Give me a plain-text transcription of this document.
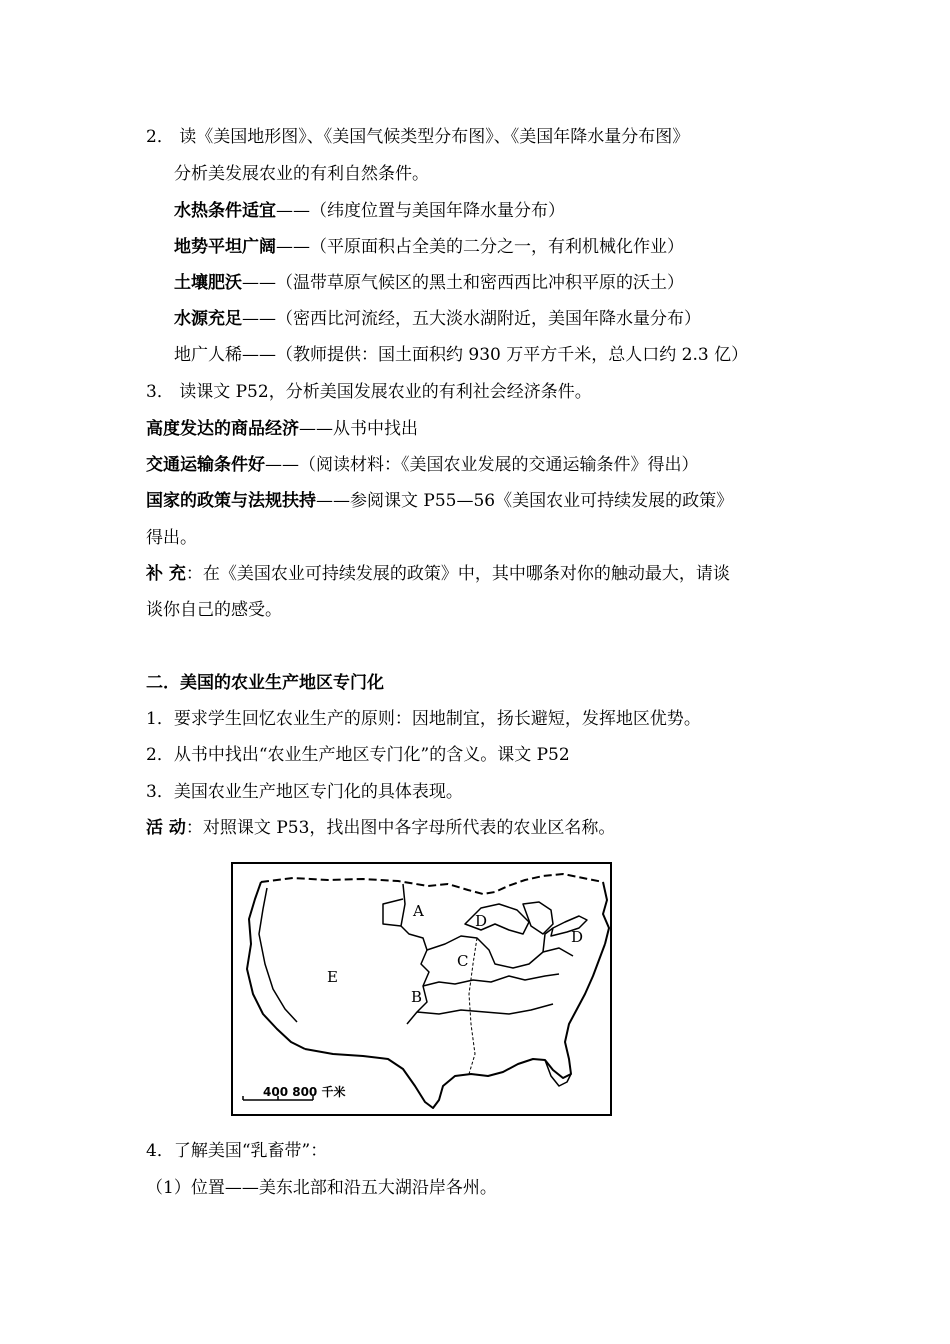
2． 读《美国地形图》、《美国气候类型分布图》、《美国年降水量分布图》
分析美发展农业的有利自然条件。
水热条件适宜——（纬度位置与美国年降水量分布）
地势平坦广阔——（平原面积占全美的二分之一，有利机械化作业）
土壤肥沃——（温带草原气候区的黑土和密西西比冲积平原的沃土）
水源充足——（密西比河流经，五大淡水湖附近，美国年降水量分布）
地广人稀——（教师提供：国土面积约 930 万平方千米，总人口约 2.3 亿）
3． 读课文 P52，分析美国发展农业的有利社会经济条件。
高度发达的商品经济——从书中找出
交通运输条件好——（阅读材料：《美国农业发展的交通运输条件》得出）
国家的政策与法规扶持——参阅课文 P55—56《美国农业可持续发展的政策》
得出。
补 充：在《美国农业可持续发展的政策》中，其中哪条对你的触动最大，请谈
谈你自己的感受。
二．美国的农业生产地区专门化
1．要求学生回忆农业生产的原则：因地制宜，扬长避短，发挥地区优势。
2．从书中找出“农业生产地区专门化”的含义。课文 P52
3．美国农业生产地区专门化的具体表现。
活 动：对照课文 P53，找出图中各字母所代表的农业区名称。
A
B
C
D
D
E
400 800 千米
4．了解美国“乳畜带”：
（1）位置——美东北部和沿五大湖沿岸各州。
